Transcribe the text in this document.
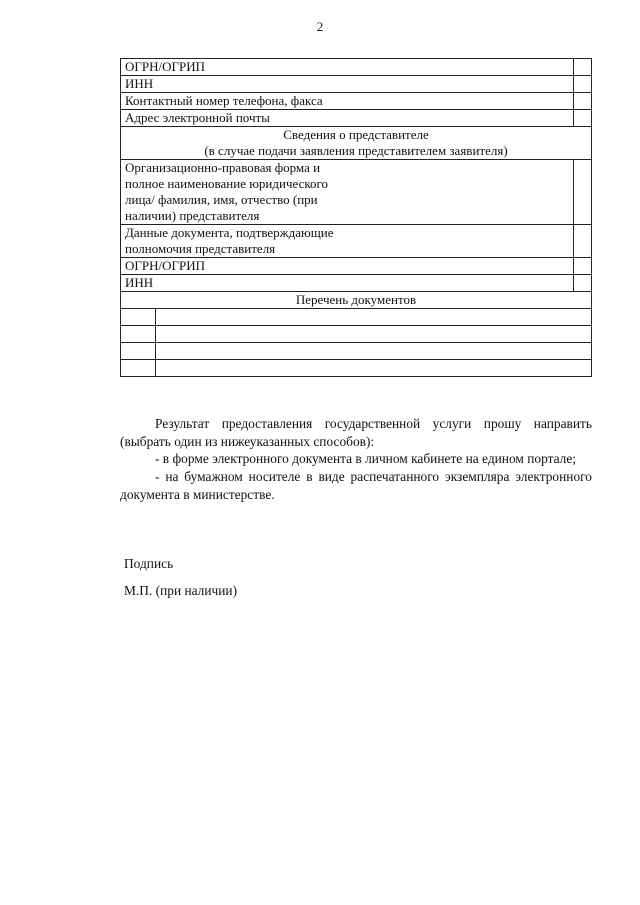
2
ОГРН/ОГРИП		
ИНН		
Контактный номер телефона, факса		
Адрес электронной почты		

Сведения о представителе
(в случае подачи заявления представителем заявителя)		

Организационно-правовая форма и
полное наименование юридического
лица/ фамилия, имя, отчество (при
наличии) представителя		

Данные документа, подтверждающие
полномочия представителя		

ОГРН/ОГРИП		
ИНН		
Перечень документов		

Результат предоставления государственной услуги прошу направить (выбрать один из нижеуказанных способов):
- в форме электронного документа в личном кабинете на едином портале;
- на бумажном носителе в виде распечатанного экземпляра электронного документа в министерстве.
Подпись
М.П. (при наличии)
